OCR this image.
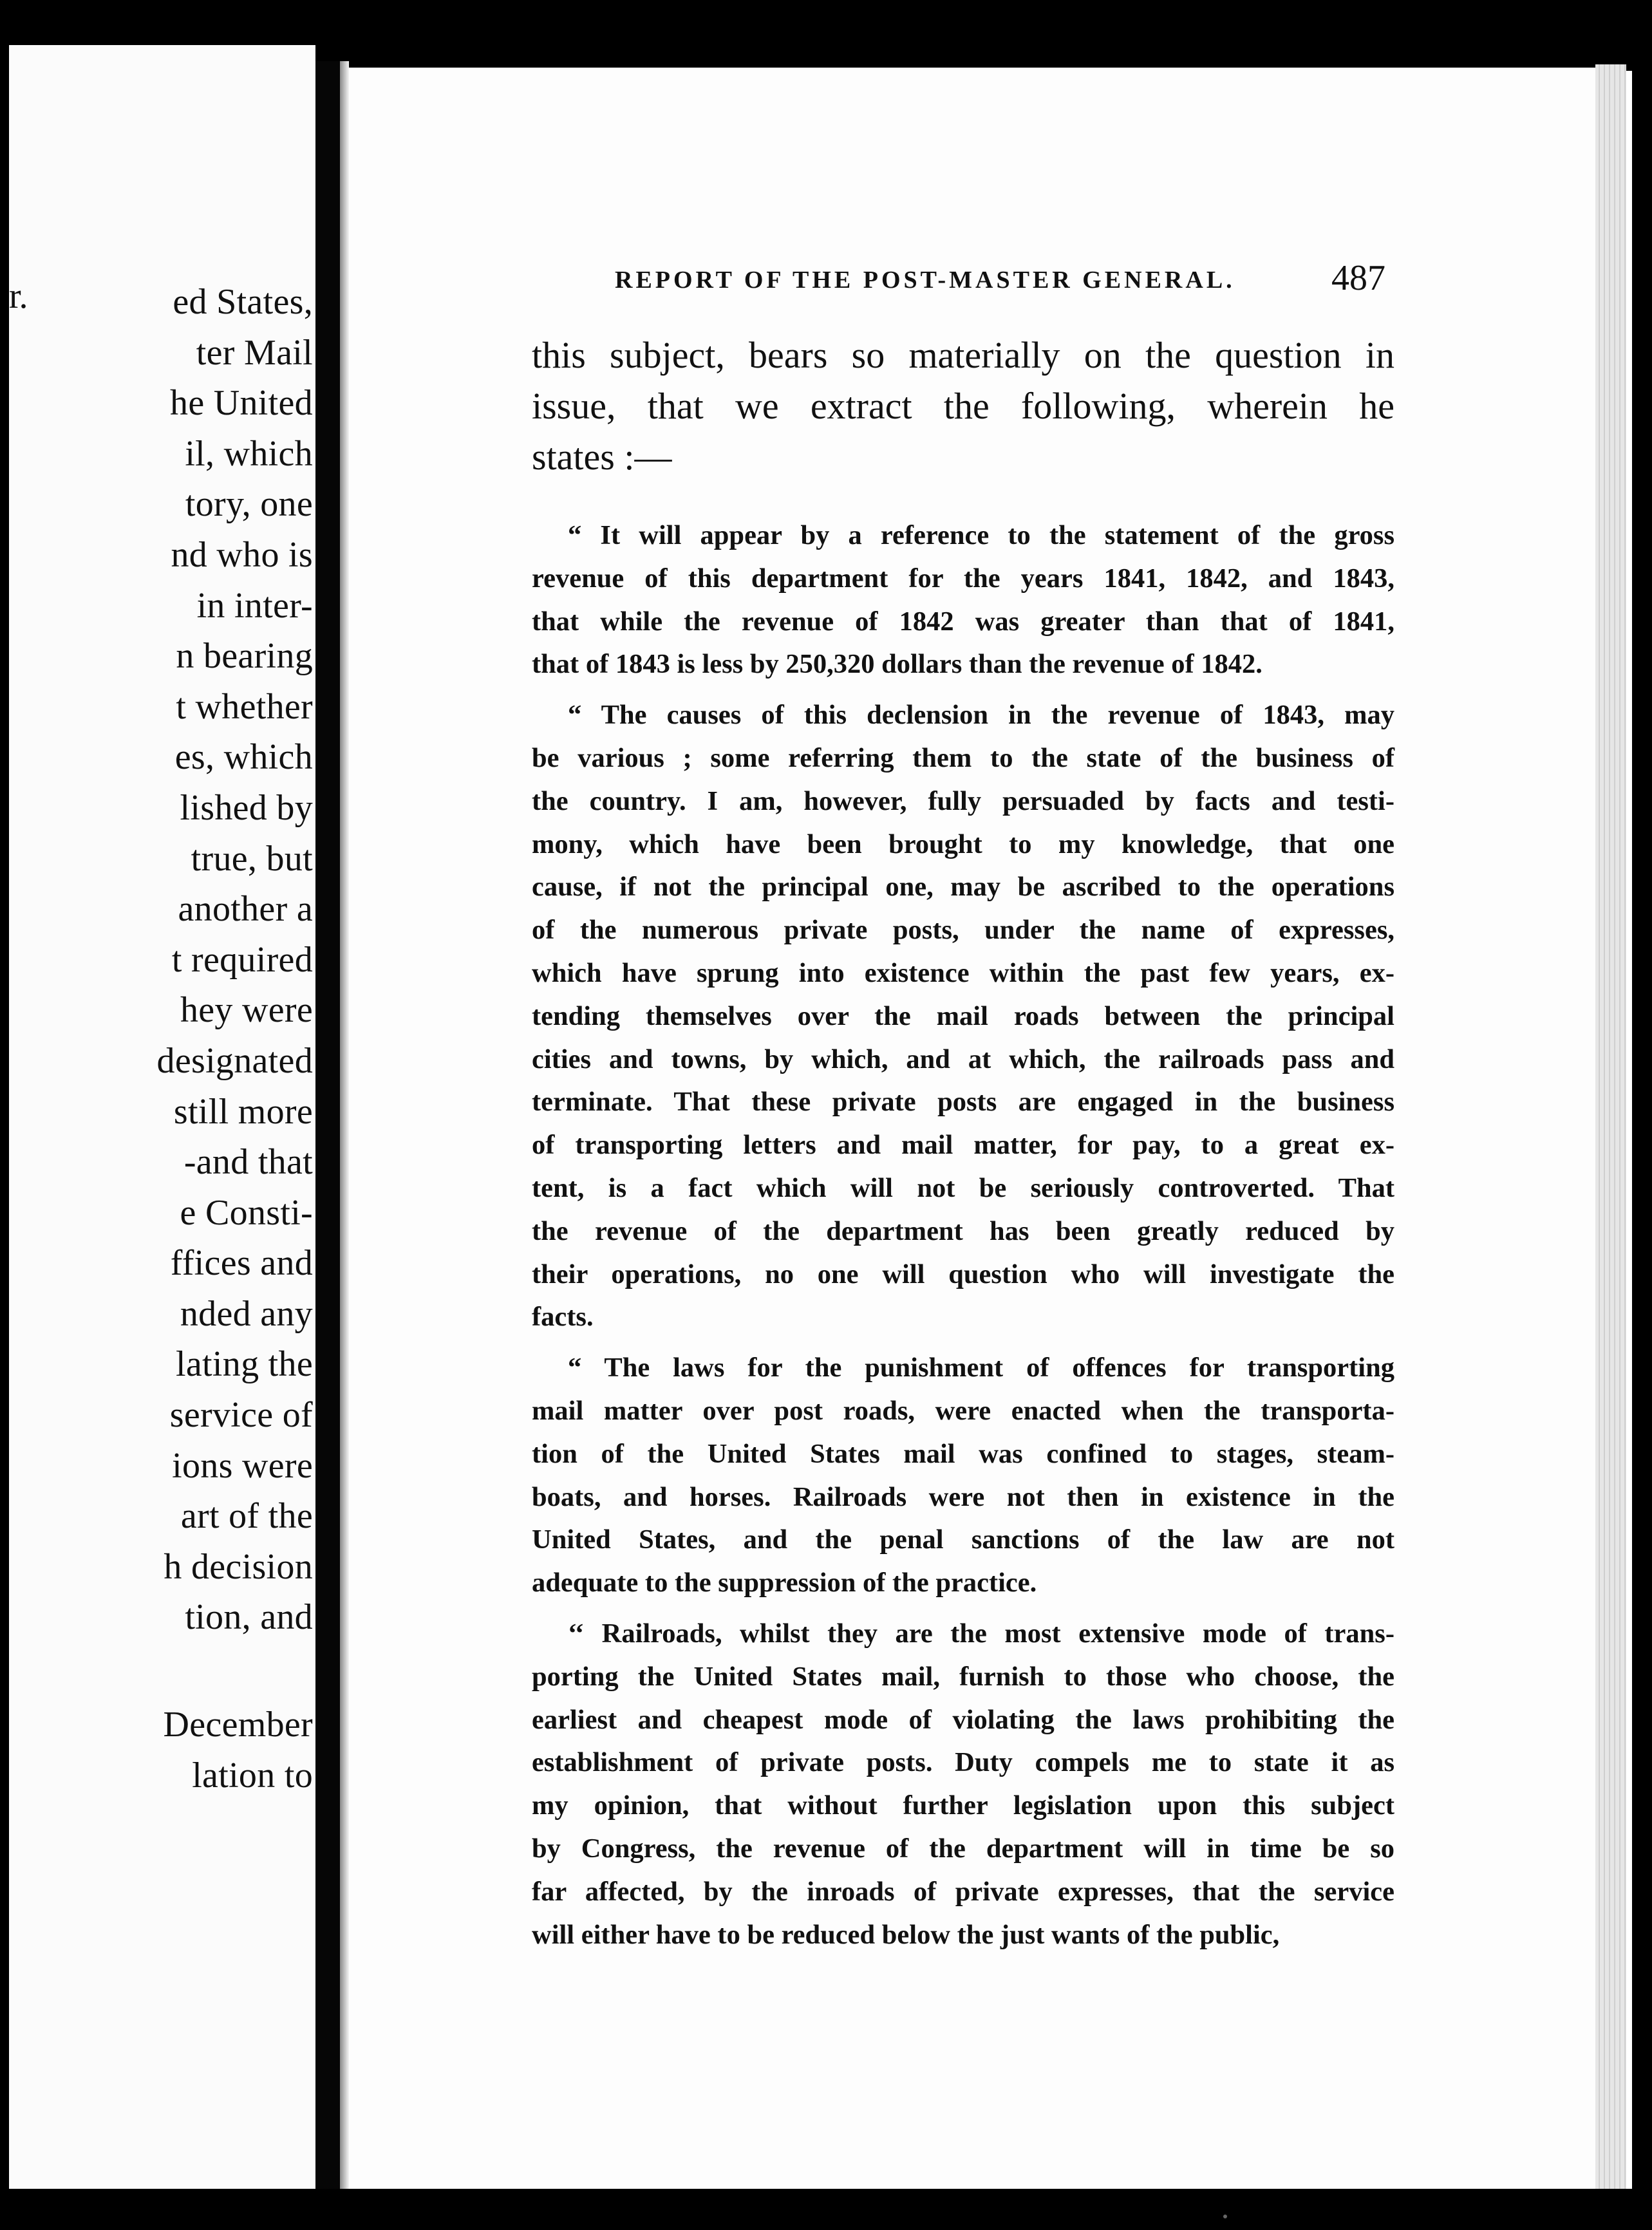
r.	ed States,
ter Mail
he United
il, which
tory, one
nd who is
in inter-
n bearing
t whether
es, which
lished by
true, but
another a
t required
hey were
designated
still more
-and that
e Consti-
ffices and
nded any
lating the
service of
ions were
art of the
h decision
tion, and
December
lation to
REPORT OF THE POST-MASTER GENERAL.	487
this subject, bears so materially on the question in
issue, that we extract the following, wherein he
states :—
“ It will appear by a reference to the statement of the gross
revenue of this department for the years 1841, 1842, and 1843,
that while the revenue of 1842 was greater than that of 1841,
that of 1843 is less by 250,320 dollars than the revenue of 1842.
“ The causes of this declension in the revenue of 1843, may
be various ; some referring them to the state of the business of
the country. I am, however, fully persuaded by facts and testi-
mony, which have been brought to my knowledge, that one
cause, if not the principal one, may be ascribed to the operations
of the numerous private posts, under the name of expresses,
which have sprung into existence within the past few years, ex-
tending themselves over the mail roads between the principal
cities and towns, by which, and at which, the railroads pass and
terminate. That these private posts are engaged in the business
of transporting letters and mail matter, for pay, to a great ex-
tent, is a fact which will not be seriously controverted. That
the revenue of the department has been greatly reduced by
their operations, no one will question who will investigate the
facts.
“ The laws for the punishment of offences for transporting
mail matter over post roads, were enacted when the transporta-
tion of the United States mail was confined to stages, steam-
boats, and horses. Railroads were not then in existence in the
United States, and the penal sanctions of the law are not
adequate to the suppression of the practice.
‘‘ Railroads, whilst they are the most extensive mode of trans-
porting the United States mail, furnish to those who choose, the
earliest and cheapest mode of violating the laws prohibiting the
establishment of private posts. Duty compels me to state it as
my opinion, that without further legislation upon this subject
by Congress, the revenue of the department will in time be so
far affected, by the inroads of private expresses, that the service
will either have to be reduced below the just wants of the public,
